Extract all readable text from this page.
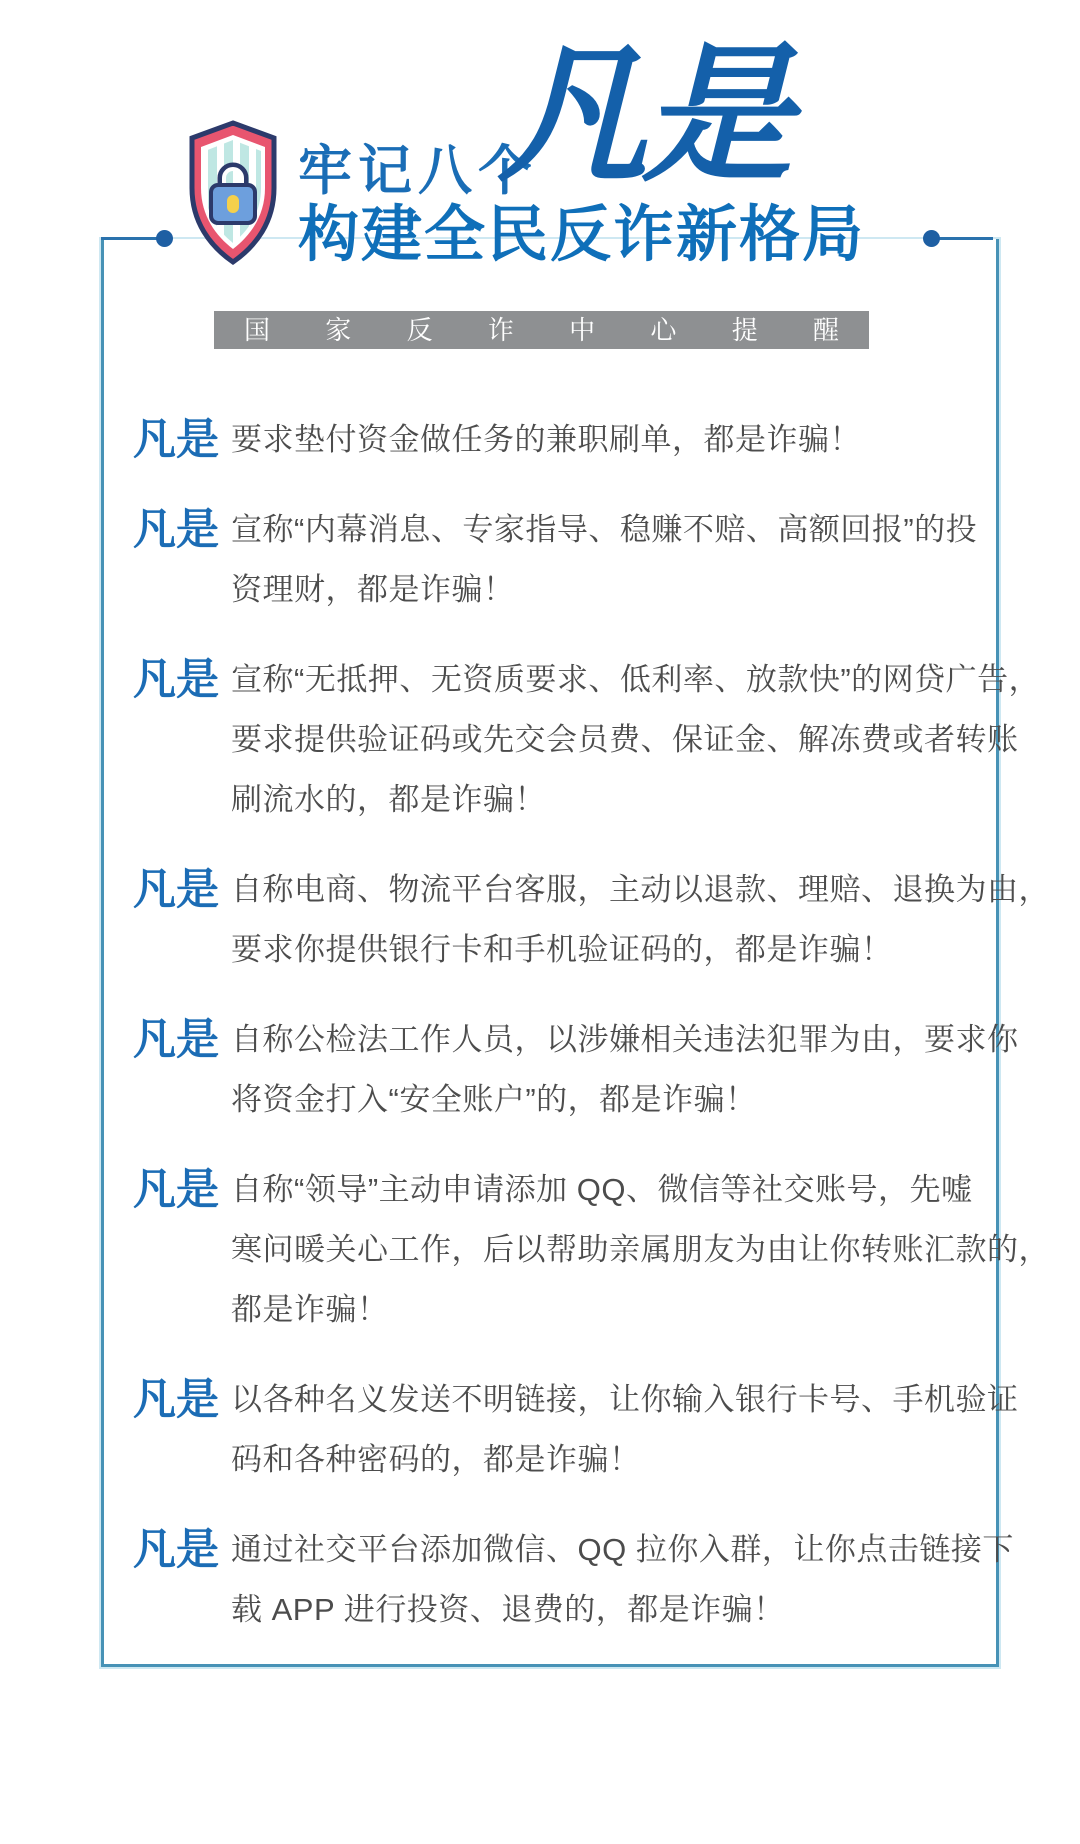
牢记八个
凡是
构建全民反诈新格局
国 家 反 诈 中 心 提 醒
凡是 要求垫付资金做任务的兼职刷单，都是诈骗！
凡是 宣称“内幕消息、专家指导、稳赚不赔、高额回报”的投
资理财，都是诈骗！
凡是 宣称“无抵押、无资质要求、低利率、放款快”的网贷广告，
要求提供验证码或先交会员费、保证金、解冻费或者转账
刷流水的，都是诈骗！
凡是 自称电商、物流平台客服，主动以退款、理赔、退换为由，
要求你提供银行卡和手机验证码的，都是诈骗！
凡是 自称公检法工作人员，以涉嫌相关违法犯罪为由，要求你
将资金打入“安全账户”的，都是诈骗！
凡是 自称“领导”主动申请添加 QQ、微信等社交账号，先嘘
寒问暖关心工作，后以帮助亲属朋友为由让你转账汇款的，
都是诈骗！
凡是 以各种名义发送不明链接，让你输入银行卡号、手机验证
码和各种密码的，都是诈骗！
凡是 通过社交平台添加微信、QQ 拉你入群，让你点击链接下
载 APP 进行投资、退费的，都是诈骗！
